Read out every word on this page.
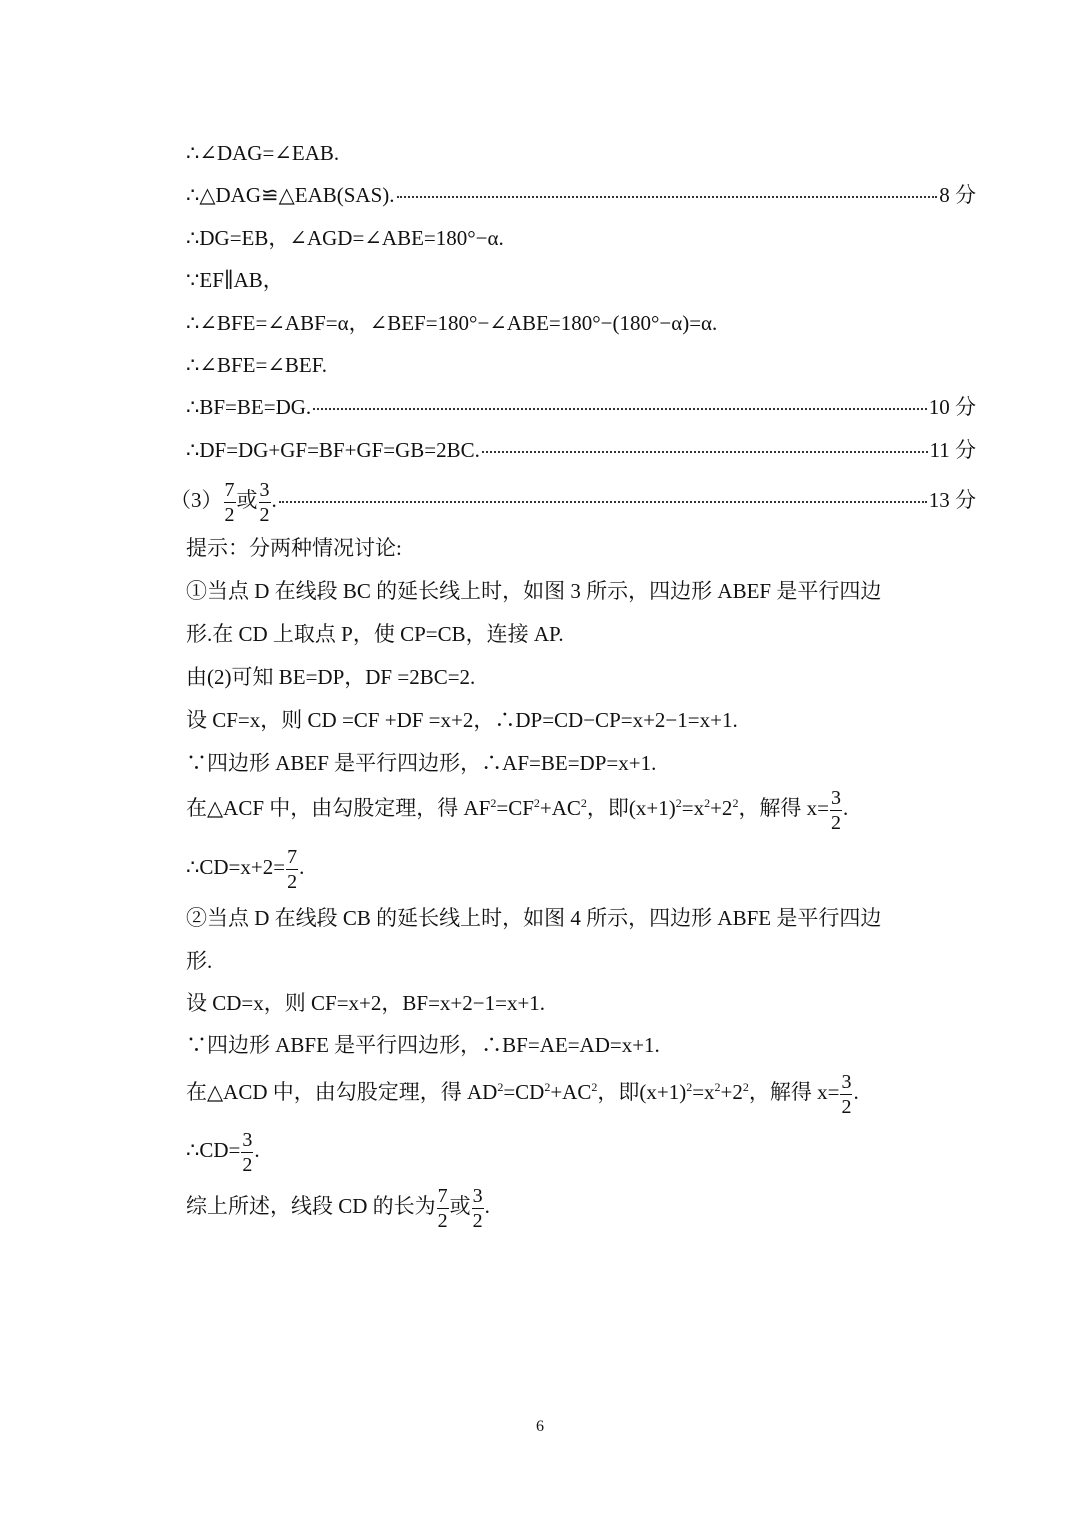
∴∠DAG=∠EAB.
∴△DAG≌△EAB(SAS).	8 分
∴DG=EB，∠AGD=∠ABE=180°−α.
∵EF∥AB，
∴∠BFE=∠ABF=α，∠BEF=180°−∠ABE=180°−(180°−α)=α.
∴∠BFE=∠BEF.
∴BF=BE=DG.	10 分
∴DF=DG+GF=BF+GF=GB=2BC.	11 分
$(3) \frac{7}{2}$ 或 $\frac{3}{2}$ .	13 分
提示：分两种情况讨论:
①当点 D 在线段 BC 的延长线上时，如图 3 所示，四边形 ABEF 是平行四边
形.在 CD 上取点 P，使 CP=CB，连接 AP.
由(2)可知 BE=DP，DF =2BC=2.
设 CF=x，则 CD =CF +DF =x+2，∴DP=CD−CP=x+2−1=x+1.
∵四边形 ABEF 是平行四边形，∴AF=BE=DP=x+1.
在△ACF 中，由勾股定理，得 $AF^2=CF^2+AC^2$，即$(x+1)^2=x^2+2^2$，解得 $x= \frac{3}{2}$ .
∴CD=x+2= $\frac{7}{2}$ .
②当点 D 在线段 CB 的延长线上时，如图 4 所示，四边形 ABFE 是平行四边
形.
设 CD=x，则 CF=x+2，BF=x+2−1=x+1.
∵四边形 ABFE 是平行四边形，∴BF=AE=AD=x+1.
在△ACD 中，由勾股定理，得 $AD^2=CD^2+AC^2$，即$(x+1)^2=x^2+2^2$，解得 $x= \frac{3}{2}$ .
∴CD= $\frac{3}{2}$ .
综上所述，线段 CD 的长为 $\frac{7}{2}$ 或 $\frac{3}{2}$ .
6
